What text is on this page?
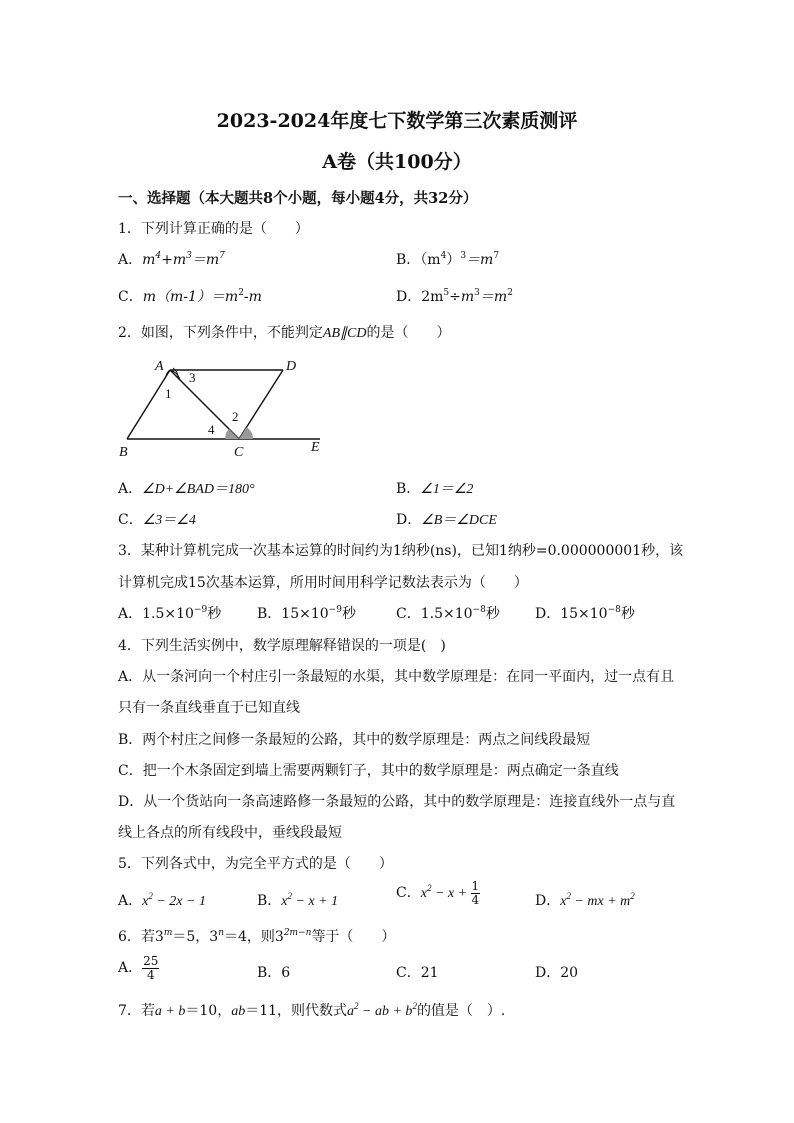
2023-2024年度七下数学第三次素质测评
A卷（共100分）
一、选择题（本大题共8个小题，每小题4分，共32分）
1．下列计算正确的是（　　）
A．$m^4+m^3=m^7$	B．$(m^4)^3=m^7$
C．$m(m-1)=m^2-m$	D．$2m^5\div m^3=m^2$
2．如图，下列条件中，不能判定AB∥CD的是（　　）
A	D
B	C	E
1
2
3
4
A．∠D+∠BAD＝180°	B．∠1＝∠2
C．∠3＝∠4	D．∠B＝∠DCE
3．某种计算机完成一次基本运算的时间约为1纳秒(ns)，已知1纳秒=0.000000001秒，该
计算机完成15次基本运算，所用时间用科学记数法表示为（　　）
A．$1.5\times 10^{-9}$秒	B．$15\times 10^{-9}$秒	C．$1.5\times 10^{-8}$秒	D．$15\times 10^{-8}$秒
4．下列生活实例中，数学原理解释错误的一项是(　)
A．从一条河向一个村庄引一条最短的水渠，其中数学原理是：在同一平面内，过一点有且
只有一条直线垂直于已知直线
B．两个村庄之间修一条最短的公路，其中的数学原理是：两点之间线段最短
C．把一个木条固定到墙上需要两颗钉子，其中的数学原理是：两点确定一条直线
D．从一个货站向一条高速路修一条最短的公路，其中的数学原理是：连接直线外一点与直
线上各点的所有线段中，垂线段最短
5．下列各式中，为完全平方式的是（　　）
A．$x^2 - 2x - 1$	B．$x^2 - x + 1$
C．$x^2 - x + \frac{1}{4}$	D．$x^2$ − mx + $m^2$
6．若$3^m=5$，$3^n=4$，则$3^{2m-n}$等于（　　）
A． $\frac{25}{4}$	B．6	C．21	D．20
7．若a + b＝10，ab＝11，则代数式$a^2$ − ab + $b^2$的值是（　）.
